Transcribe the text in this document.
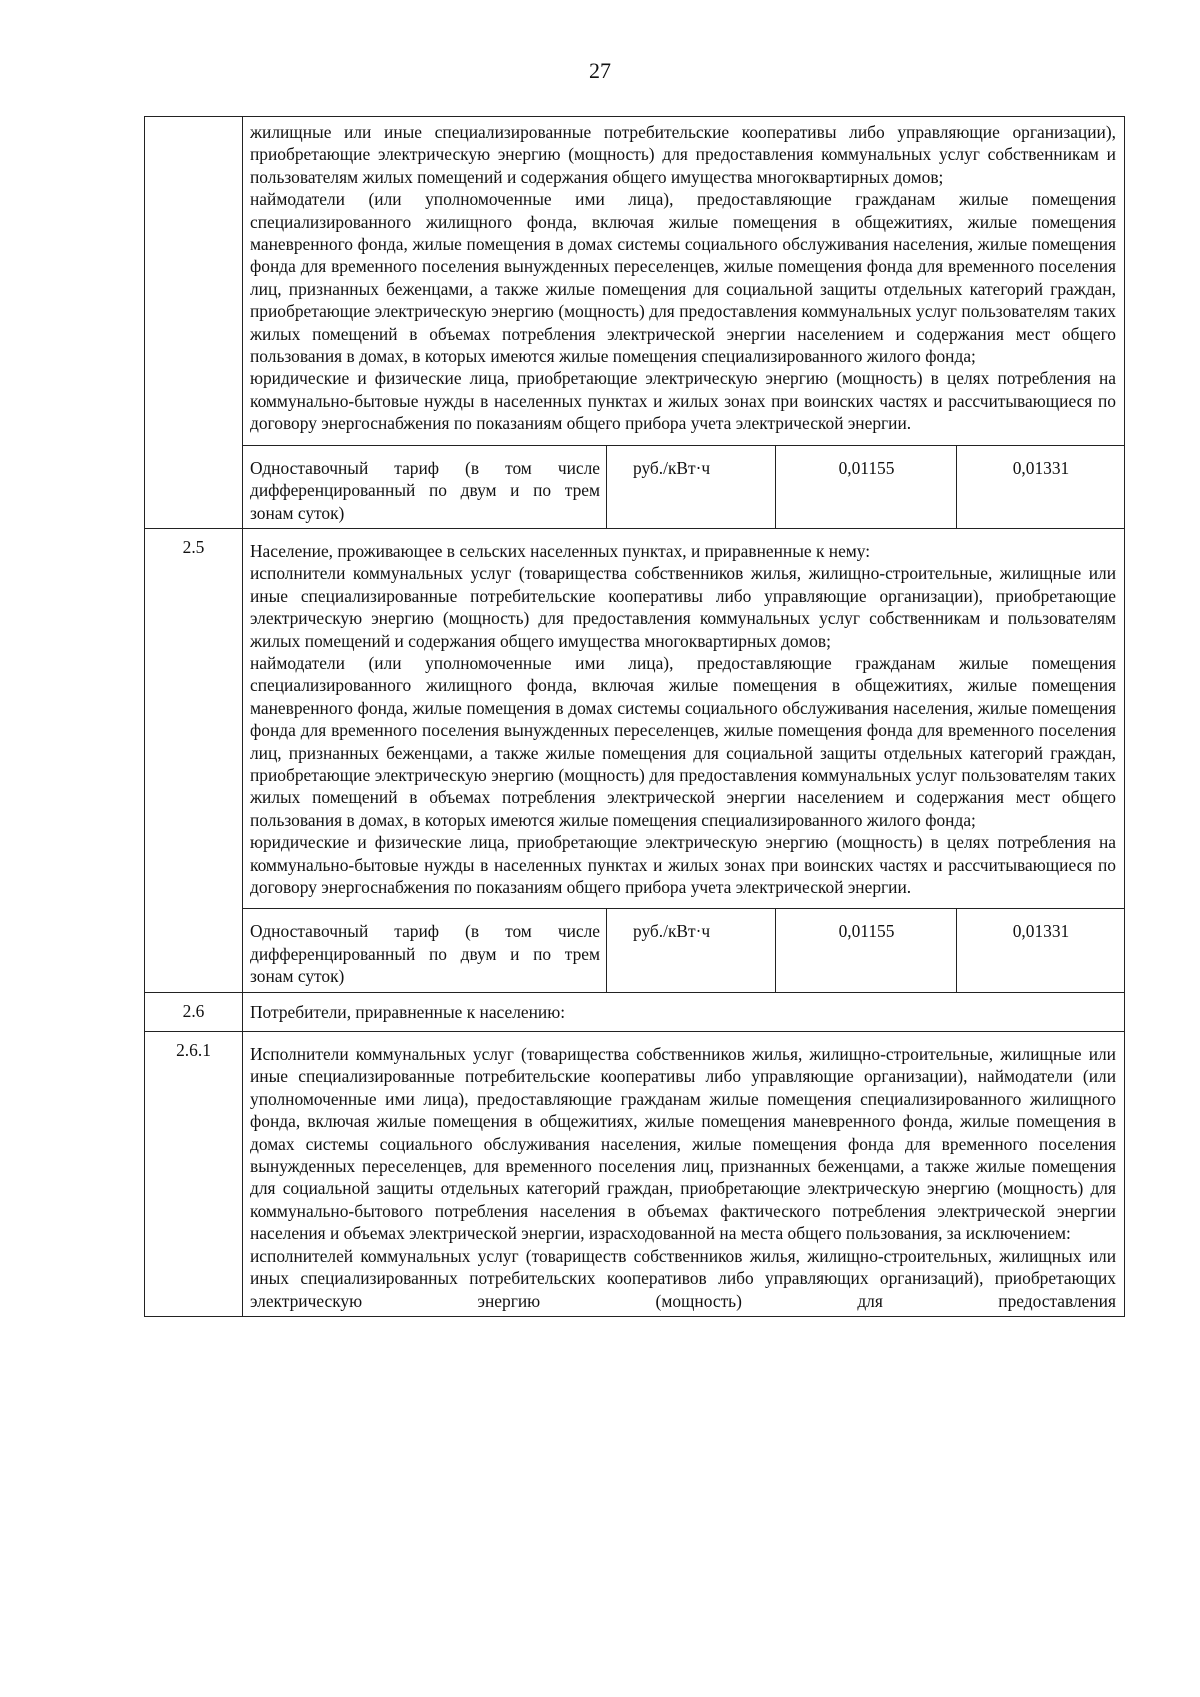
27

жилищные или иные специализированные потребительские кооперативы либо управляющие организации), приобретающие электрическую энергию (мощность) для предоставления коммунальных услуг собственникам и пользователям жилых помещений и содержания общего имущества многоквартирных домов;

наймодатели (или уполномоченные ими лица), предоставляющие гражданам жилые помещения специализированного жилищного фонда, включая жилые помещения в общежитиях, жилые помещения маневренного фонда, жилые помещения в домах системы социального обслуживания населения, жилые помещения фонда для временного поселения вынужденных переселенцев, жилые помещения фонда для временного поселения лиц, признанных беженцами, а также жилые помещения для социальной защиты отдельных категорий граждан, приобретающие электрическую энергию (мощность) для предоставления коммунальных услуг пользователям таких жилых помещений в объемах потребления электрической энергии населением и содержания мест общего пользования в домах, в которых имеются жилые помещения специализированного жилого фонда;

юридические и физические лица, приобретающие электрическую энергию (мощность) в целях потребления на коммунально-бытовые нужды в населенных пунктах и жилых зонах при воинских частях и рассчитывающиеся по договору энергоснабжения по показаниям общего прибора учета электрической энергии.

Одноставочный тариф (в том числе дифференцированный по двум и по трем зонам суток)	руб./кВт·ч	0,01155	0,01331

2.5	Население, проживающее в сельских населенных пунктах, и приравненные к нему:

исполнители коммунальных услуг (товарищества собственников жилья, жилищно-строительные, жилищные или иные специализированные потребительские кооперативы либо управляющие организации), приобретающие электрическую энергию (мощность) для предоставления коммунальных услуг собственникам и пользователям жилых помещений и содержания общего имущества многоквартирных домов;

наймодатели (или уполномоченные ими лица), предоставляющие гражданам жилые помещения специализированного жилищного фонда, включая жилые помещения в общежитиях, жилые помещения маневренного фонда, жилые помещения в домах системы социального обслуживания населения, жилые помещения фонда для временного поселения вынужденных переселенцев, жилые помещения фонда для временного поселения лиц, признанных беженцами, а также жилые помещения для социальной защиты отдельных категорий граждан, приобретающие электрическую энергию (мощность) для предоставления коммунальных услуг пользователям таких жилых помещений в объемах потребления электрической энергии населением и содержания мест общего пользования в домах, в которых имеются жилые помещения специализированного жилого фонда;

юридические и физические лица, приобретающие электрическую энергию (мощность) в целях потребления на коммунально-бытовые нужды в населенных пунктах и жилых зонах при воинских частях и рассчитывающиеся по договору энергоснабжения по показаниям общего прибора учета электрической энергии.

Одноставочный тариф (в том числе дифференцированный по двум и по трем зонам суток)	руб./кВт·ч	0,01155	0,01331

2.6	Потребители, приравненные к населению:

2.6.1	Исполнители коммунальных услуг (товарищества собственников жилья, жилищно-строительные, жилищные или иные специализированные потребительские кооперативы либо управляющие организации), наймодатели (или уполномоченные ими лица), предоставляющие гражданам жилые помещения специализированного жилищного фонда, включая жилые помещения в общежитиях, жилые помещения маневренного фонда, жилые помещения в домах системы социального обслуживания населения, жилые помещения фонда для временного поселения вынужденных переселенцев, для временного поселения лиц, признанных беженцами, а также жилые помещения для социальной защиты отдельных категорий граждан, приобретающие электрическую энергию (мощность) для коммунально-бытового потребления населения в объемах фактического потребления электрической энергии населения и объемах электрической энергии, израсходованной на места общего пользования, за исключением:

исполнителей коммунальных услуг (товариществ собственников жилья, жилищно-строительных, жилищных или иных специализированных потребительских кооперативов либо управляющих организаций), приобретающих электрическую энергию (мощность) для предоставления
